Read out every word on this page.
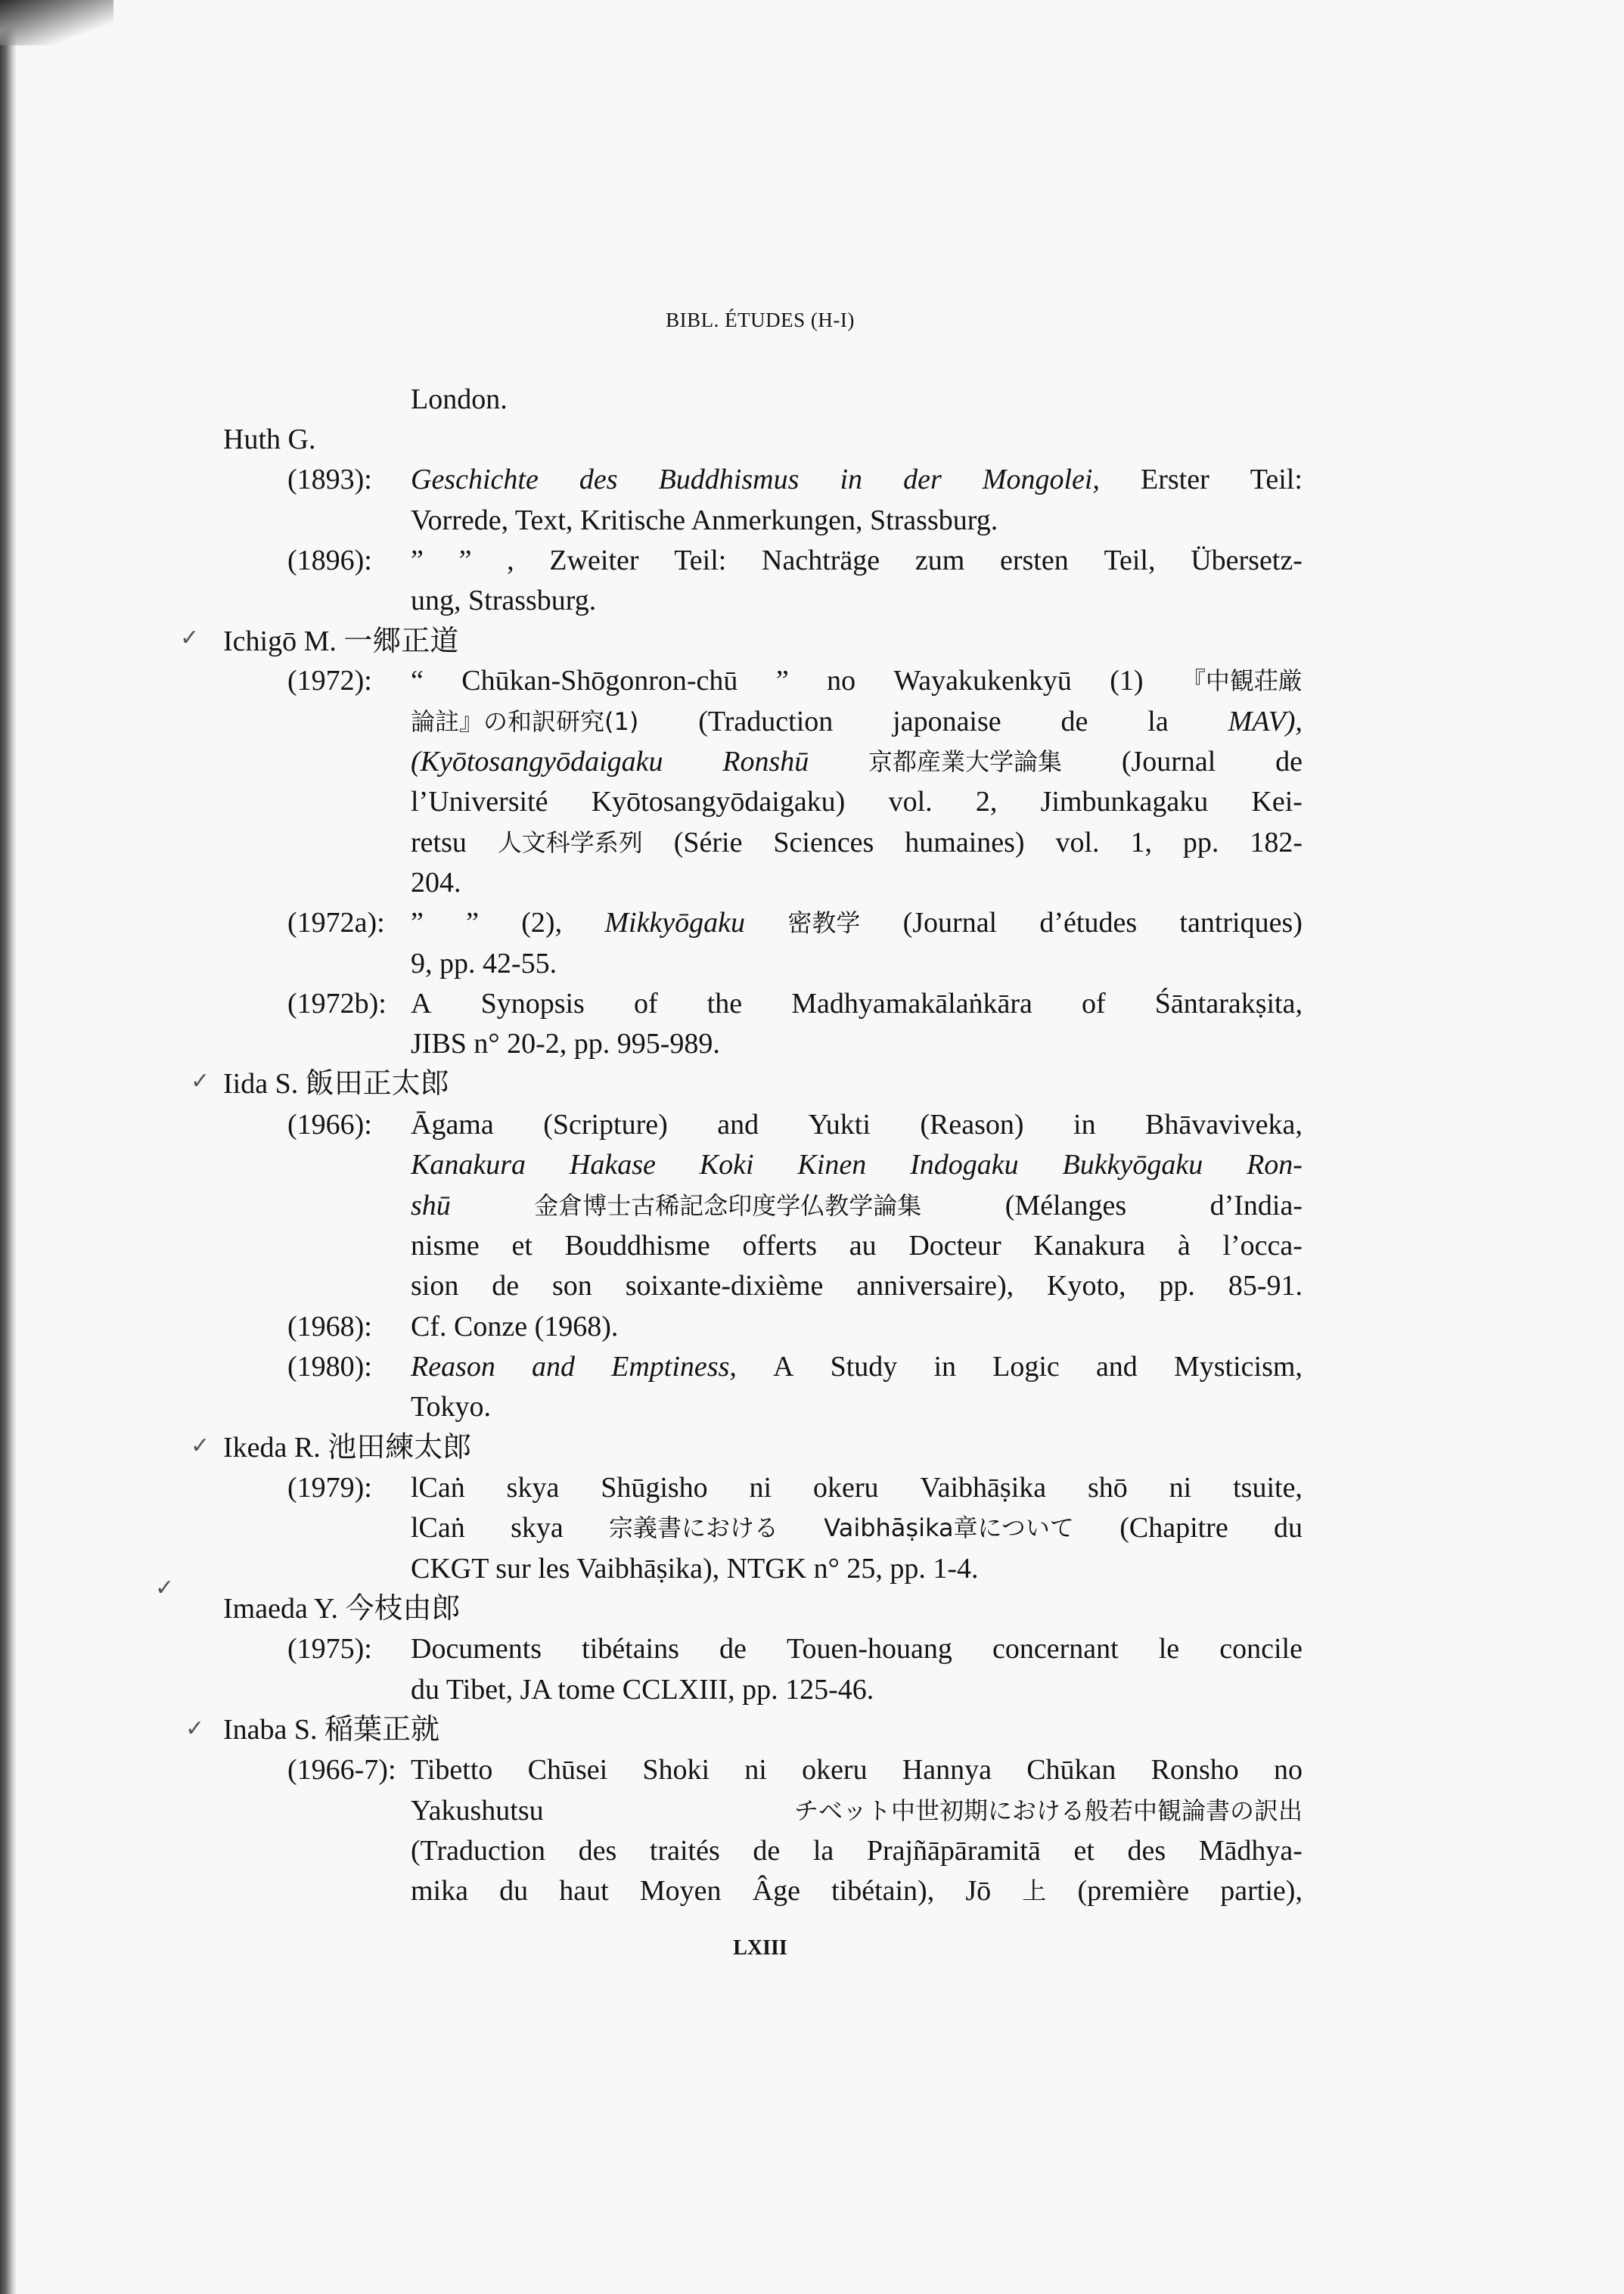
BIBL. ÉTUDES (H-I)
✓
✓
✓
✓
✓
London.
Huth G.
(1893): Geschichte des Buddhismus in der Mongolei, Erster Teil:
Vorrede, Text, Kritische Anmerkungen, Strassburg.
(1896): ” ” , Zweiter Teil: Nachträge zum ersten Teil, Übersetz-
ung, Strassburg.
Ichigō M. 一郷正道
(1972): “ Chūkan-Shōgonron-chū ” no Wayakukenkyū (1) 『中観荘厳
論註』の和訳研究(1) (Traduction japonaise de la MAV),
(Kyōtosangyōdaigaku Ronshū 京都産業大学論集 (Journal de
l’Université Kyōtosangyōdaigaku) vol. 2, Jimbunkagaku Kei-
retsu 人文科学系列 (Série Sciences humaines) vol. 1, pp. 182-
204.
(1972a): ” ” (2), Mikkyōgaku 密教学 (Journal d’études tantriques)
9, pp. 42-55.
(1972b): A Synopsis of the Madhyamakālaṅkāra of Śāntarakṣita,
JIBS n° 20-2, pp. 995-989.
Iida S. 飯田正太郎
(1966): Āgama (Scripture) and Yukti (Reason) in Bhāvaviveka,
Kanakura Hakase Koki Kinen Indogaku Bukkyōgaku Ron-
shū	金倉博士古稀記念印度学仏教学論集	(Mélanges	d’India-
nisme et Bouddhisme offerts au Docteur Kanakura à l’occa-
sion de son soixante-dixième anniversaire), Kyoto, pp. 85-91.
(1968): Cf. Conze (1968).
(1980): Reason and Emptiness, A Study in Logic and Mysticism,
Tokyo.
Ikeda R. 池田練太郎
(1979): lCaṅ skya Shūgisho ni okeru Vaibhāṣika shō ni tsuite,
lCaṅ skya 宗義書における Vaibhāṣika章について (Chapitre du
CKGT sur les Vaibhāṣika), NTGK n° 25, pp. 1-4.
Imaeda Y. 今枝由郎
(1975): Documents tibétains de Touen-houang concernant le concile
du Tibet, JA tome CCLXIII, pp. 125-46.
Inaba S. 稲葉正就
(1966-7): Tibetto Chūsei Shoki ni okeru Hannya Chūkan Ronsho no
Yakushutsu	チベット中世初期における般若中観論書の訳出
(Traduction des traités de la Prajñāpāramitā et des Mādhya-
mika du haut Moyen Âge tibétain), Jō 上 (première partie),
LXIII
